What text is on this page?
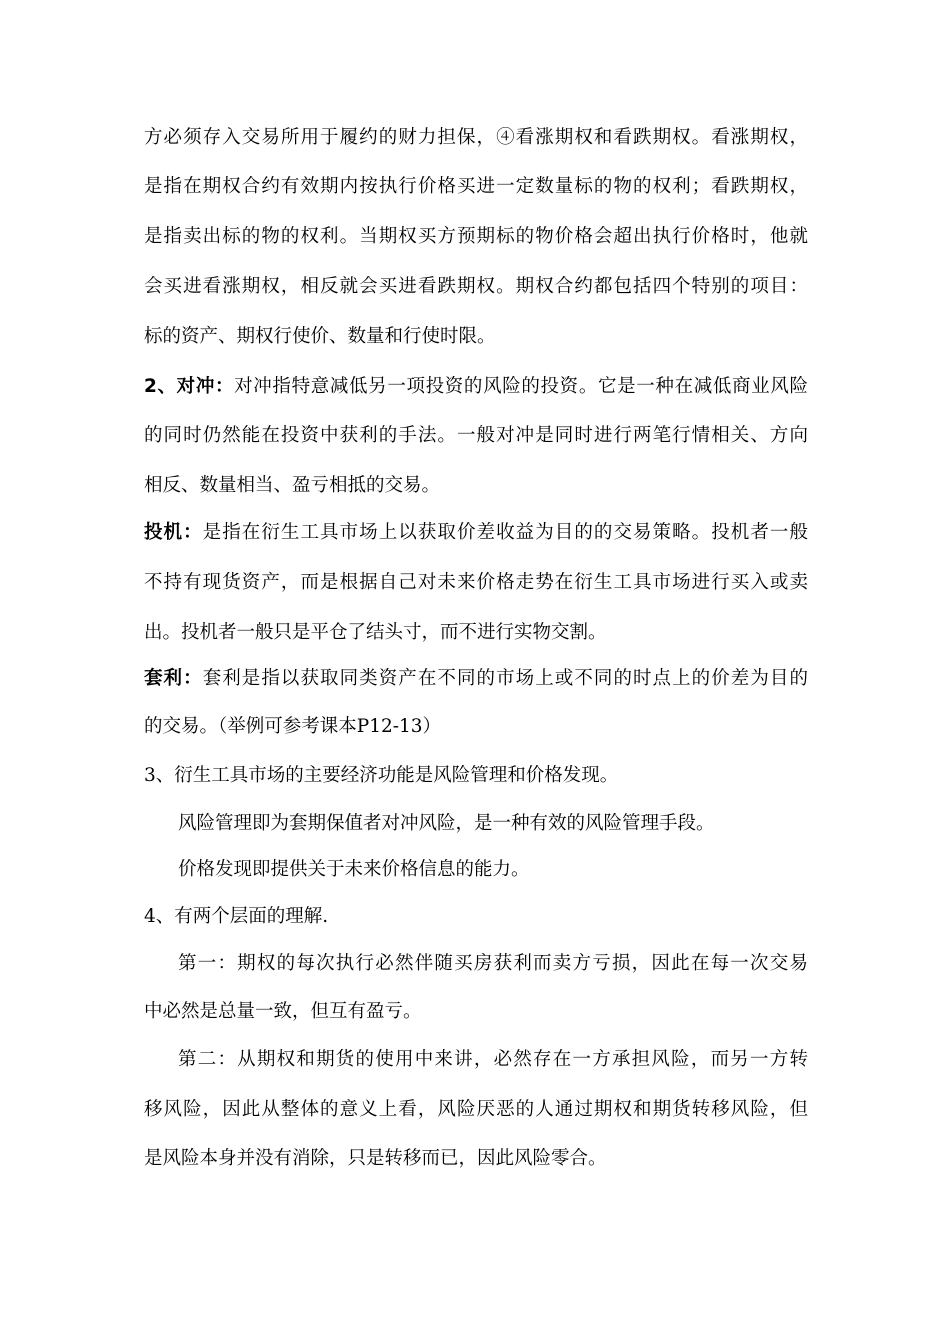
方必须存入交易所用于履约的财力担保，④看涨期权和看跌期权。看涨期权，
是指在期权合约有效期内按执行价格买进一定数量标的物的权利；看跌期权，
是指卖出标的物的权利。当期权买方预期标的物价格会超出执行价格时，他就
会买进看涨期权，相反就会买进看跌期权。期权合约都包括四个特别的项目：
标的资产、期权行使价、数量和行使时限。
2、对冲：对冲指特意减低另一项投资的风险的投资。它是一种在减低商业风险
的同时仍然能在投资中获利的手法。一般对冲是同时进行两笔行情相关、方向
相反、数量相当、盈亏相抵的交易。
投机：是指在衍生工具市场上以获取价差收益为目的的交易策略。投机者一般
不持有现货资产，而是根据自己对未来价格走势在衍生工具市场进行买入或卖
出。投机者一般只是平仓了结头寸，而不进行实物交割。
套利：套利是指以获取同类资产在不同的市场上或不同的时点上的价差为目的
的交易。（举例可参考课本P12-13）
3、衍生工具市场的主要经济功能是风险管理和价格发现。
风险管理即为套期保值者对冲风险，是一种有效的风险管理手段。
价格发现即提供关于未来价格信息的能力。
4、有两个层面的理解.
第一：期权的每次执行必然伴随买房获利而卖方亏损，因此在每一次交易
中必然是总量一致，但互有盈亏。
第二：从期权和期货的使用中来讲，必然存在一方承担风险，而另一方转
移风险，因此从整体的意义上看，风险厌恶的人通过期权和期货转移风险，但
是风险本身并没有消除，只是转移而已，因此风险零合。
